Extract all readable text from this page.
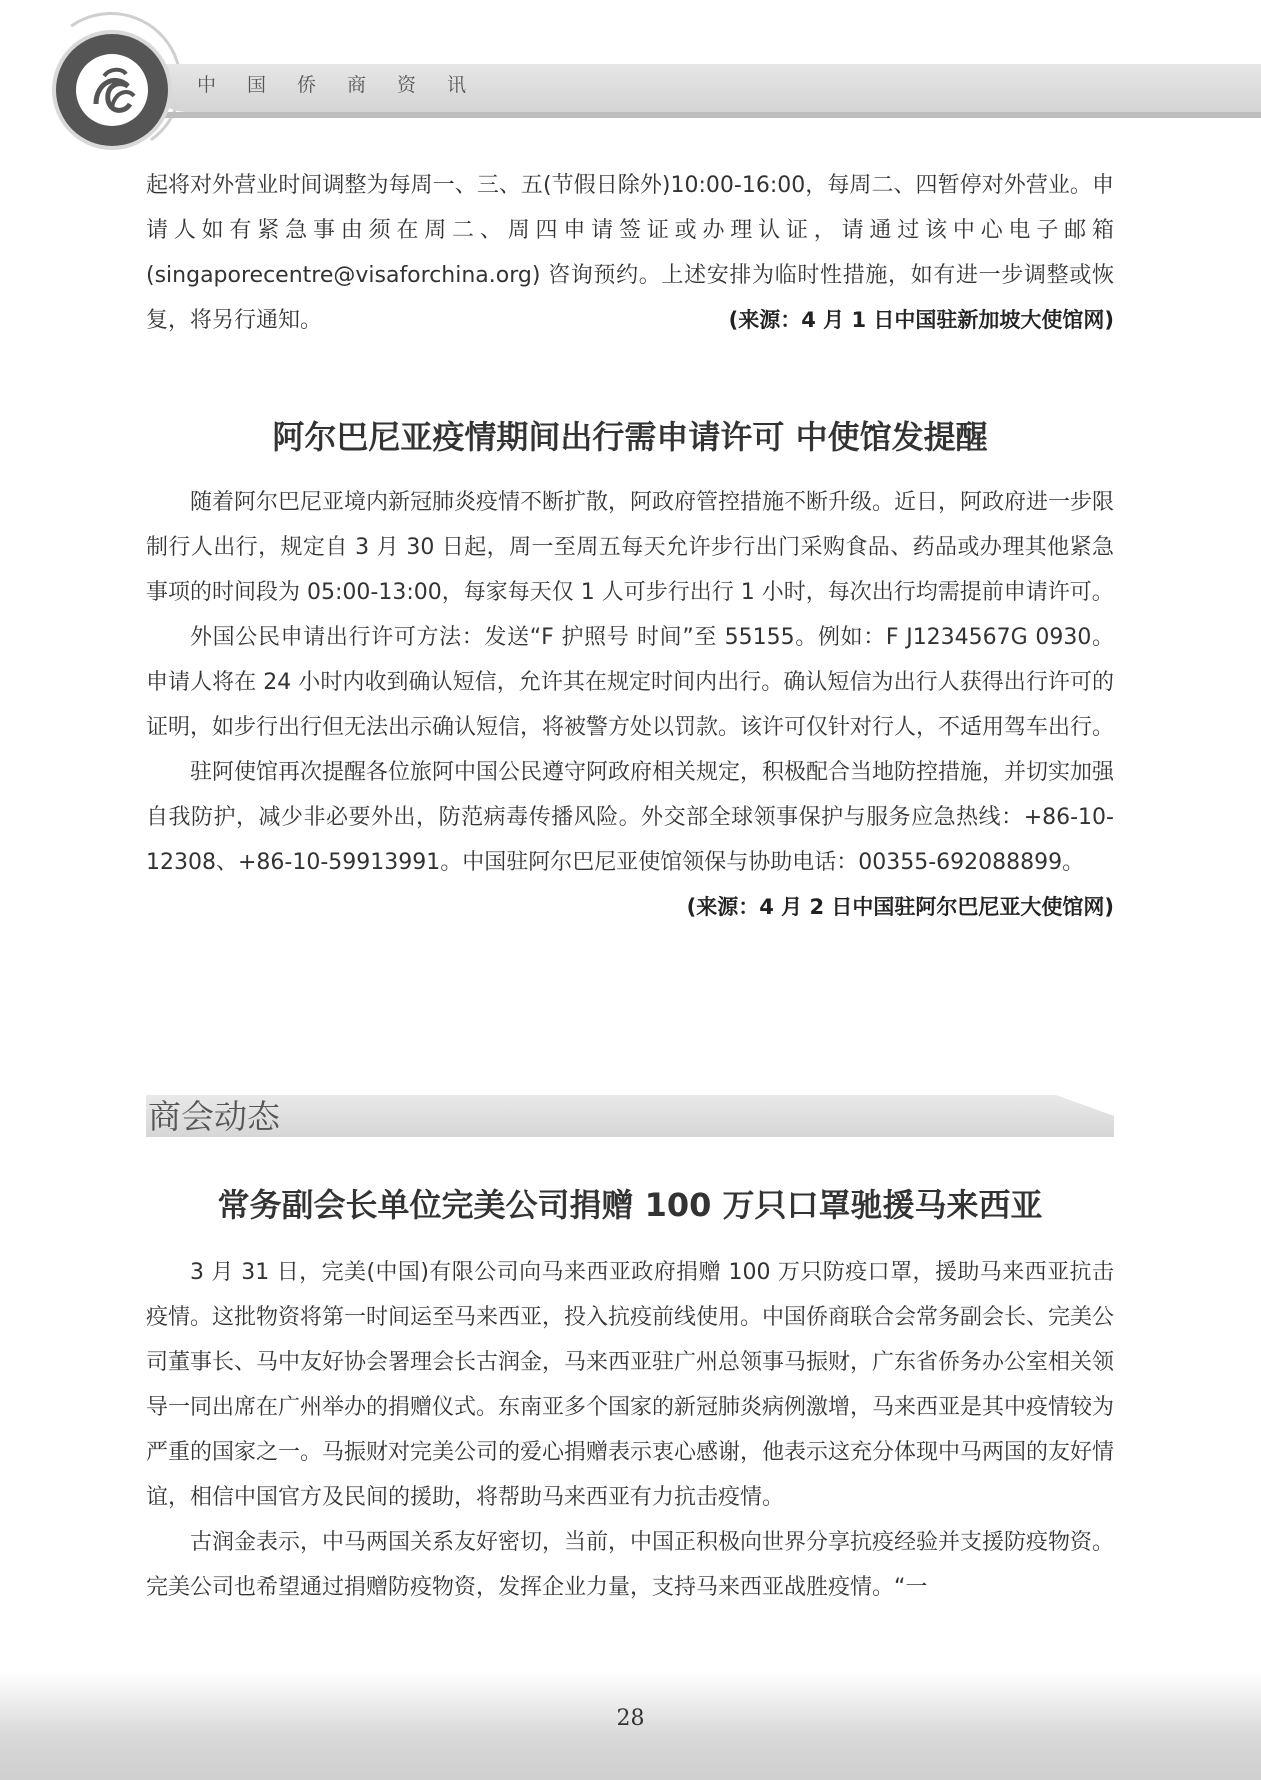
中国侨商资讯

起将对外营业时间调整为每周一、三、五(节假日除外)10:00-16:00，每周二、四暂停对外营业。申请人如有紧急事由须在周二、周四申请签证或办理认证，请通过该中心电子邮箱 (singaporecentre@visaforchina.org) 咨询预约。上述安排为临时性措施，如有进一步调整或恢复，将另行通知。	(来源：4 月 1 日中国驻新加坡大使馆网)

阿尔巴尼亚疫情期间出行需申请许可 中使馆发提醒

随着阿尔巴尼亚境内新冠肺炎疫情不断扩散，阿政府管控措施不断升级。近日，阿政府进一步限制行人出行，规定自 3 月 30 日起，周一至周五每天允许步行出门采购食品、药品或办理其他紧急事项的时间段为 05:00-13:00，每家每天仅 1 人可步行出行 1 小时，每次出行均需提前申请许可。

外国公民申请出行许可方法：发送“F 护照号 时间”至 55155。例如：F J1234567G 0930。申请人将在 24 小时内收到确认短信，允许其在规定时间内出行。确认短信为出行人获得出行许可的证明，如步行出行但无法出示确认短信，将被警方处以罚款。该许可仅针对行人，不适用驾车出行。

驻阿使馆再次提醒各位旅阿中国公民遵守阿政府相关规定，积极配合当地防控措施，并切实加强自我防护，减少非必要外出，防范病毒传播风险。外交部全球领事保护与服务应急热线：+86-10-12308、+86-10-59913991。中国驻阿尔巴尼亚使馆领保与协助电话：00355-692088899。
(来源：4 月 2 日中国驻阿尔巴尼亚大使馆网)

商会动态
常务副会长单位完美公司捐赠 100 万只口罩驰援马来西亚

3 月 31 日，完美(中国)有限公司向马来西亚政府捐赠 100 万只防疫口罩，援助马来西亚抗击疫情。这批物资将第一时间运至马来西亚，投入抗疫前线使用。中国侨商联合会常务副会长、完美公司董事长、马中友好协会署理会长古润金，马来西亚驻广州总领事马振财，广东省侨务办公室相关领导一同出席在广州举办的捐赠仪式。东南亚多个国家的新冠肺炎病例激增，马来西亚是其中疫情较为严重的国家之一。马振财对完美公司的爱心捐赠表示衷心感谢，他表示这充分体现中马两国的友好情谊，相信中国官方及民间的援助，将帮助马来西亚有力抗击疫情。

古润金表示，中马两国关系友好密切，当前，中国正积极向世界分享抗疫经验并支援防疫物资。完美公司也希望通过捐赠防疫物资，发挥企业力量，支持马来西亚战胜疫情。“一

28
